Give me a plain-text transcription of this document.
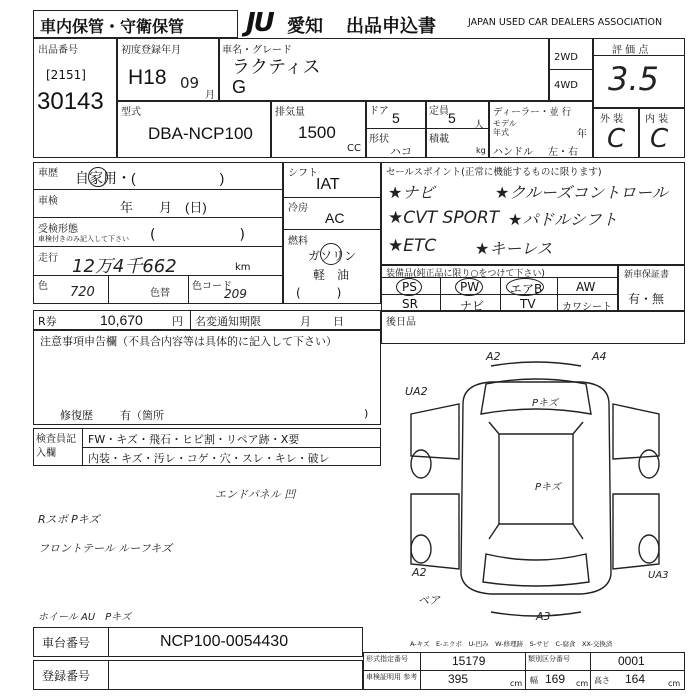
車内保管・守衛保管 JU 愛知 出品申込書	JAPAN USED CAR DEALERS ASSOCIATION
出品番号
[2151]
30143
初度登録年月
H18 09
月
車名・グレード
ラクティス
G
2WD
4WD
評 価 点
3.5
外 装 内 装
C C
型式
DBA-NCP100
排気量
1500
CC
ドア 5	定員 5 人
形状
ハコ
積載
kg
ディーラー・並 行
モデル 年式	年
ハンドル 左・右
車歴 自家用・(　　　　　　)
車検	年　　月　(日)
受検形態
車検付きのみ記入して下さい (　　　　　　)
走行 12万4千662	km
色 720	色替
色コード
209
シフト
IAT
冷房
AC
燃料
ガソリン
軽　油
(　　　)
セールスポイント(正常に機能するものに限ります)
★ナビ	★クルーズコントロール
★CVT SPORT ★パドルシフト
★ETC ★キーレス
装備品(純正品に限り○をつけて下さい)
PS	PW	エアB	AW
SR	ナビ	TV	カワシート
新車保証書
有・無
R券	10,670	円 名変通知期限	月　　日	後日品
注意事項申告欄（不具合内容等は具体的に記入して下さい）
修復歴 有（箇所	)
検査員記入欄
FW・キズ・飛石・ヒビ割・リペア跡・X要
内装・キズ・汚レ・コゲ・穴・スレ・キレ・破レ
エンドパネル 凹
Rスポ Pキズ
フロントテール ルーフキズ
ホイール AU　Pキズ
A2	A4
UA2
Pキズ
Pキズ
A2
ペア
UA3
A3
A-キズ　E-エクボ　U-凹み　W-修理跡　S-サビ　C-腐食　XX-交換済
車台番号	NCP100-0054430
登録番号
形式指定番号	15179	類別区分番号	0001
車検証明用 参考	395	cm 幅 169 cm 高さ 164	cm
